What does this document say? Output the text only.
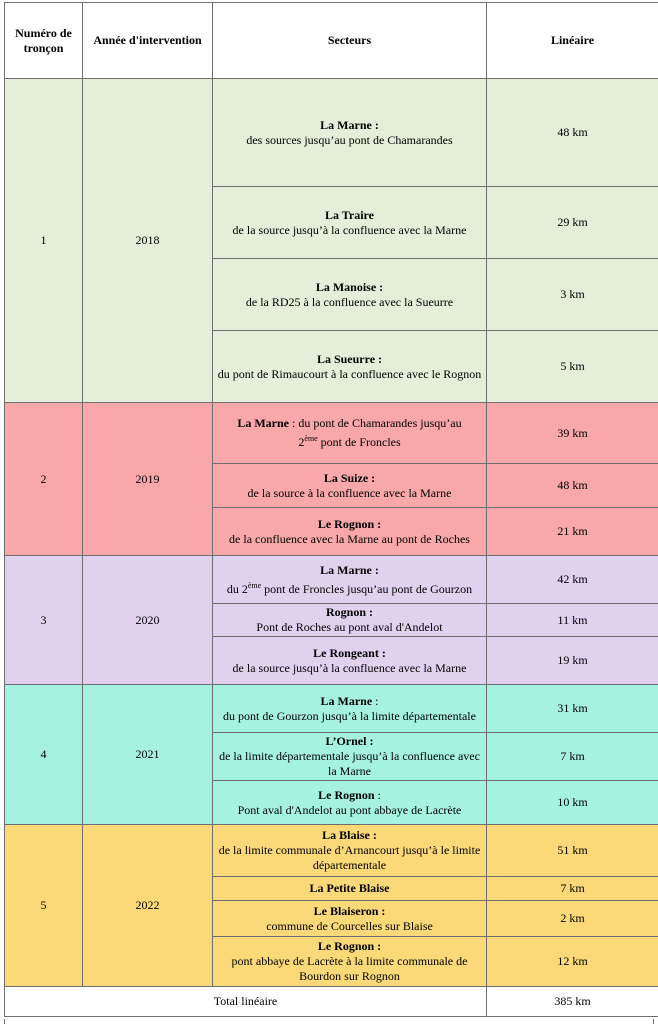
Numéro de tronçon	Année d'intervention	Secteurs	Linéaire
1	2018	La Marne :
des sources jusqu’au pont de Chamarandes	48 km

		La Traire
de la source jusqu’à la confluence avec la Marne	29 km

		La Manoise :
de la RD25 à la confluence avec la Sueurre	3 km

		La Sueurre :
du pont de Rimaucourt à la confluence avec le Rognon	5 km
2	2019	La Marne : du pont de Chamarandes jusqu’au
2ème pont de Froncles	39 km

		La Suize :
de la source à la confluence avec la Marne	48 km

		Le Rognon :
de la confluence avec la Marne au pont de Roches	21 km
3	2020	La Marne :
du 2ème pont de Froncles jusqu’au pont de Gourzon	42 km

		Rognon :
Pont de Roches au pont aval d'Andelot	11 km

		Le Rongeant :
de la source jusqu’à la confluence avec la Marne	19 km
4	2021	La Marne :
du pont de Gourzon jusqu’à la limite départementale	31 km

		L’Ornel :
de la limite départementale jusqu’à la confluence avec la Marne	7 km

		Le Rognon :
Pont aval d'Andelot au pont abbaye de Lacrète	10 km
5	2022	La Blaise :
de la limite communale d’Arnancourt jusqu’à le limite départementale	51 km

		La Petite Blaise	7 km

		Le Blaiseron :
commune de Courcelles sur Blaise	2 km

		Le Rognon :
pont abbaye de Lacrète à la limite communale de Bourdon sur Rognon	12 km
Total linéaire			385 km
